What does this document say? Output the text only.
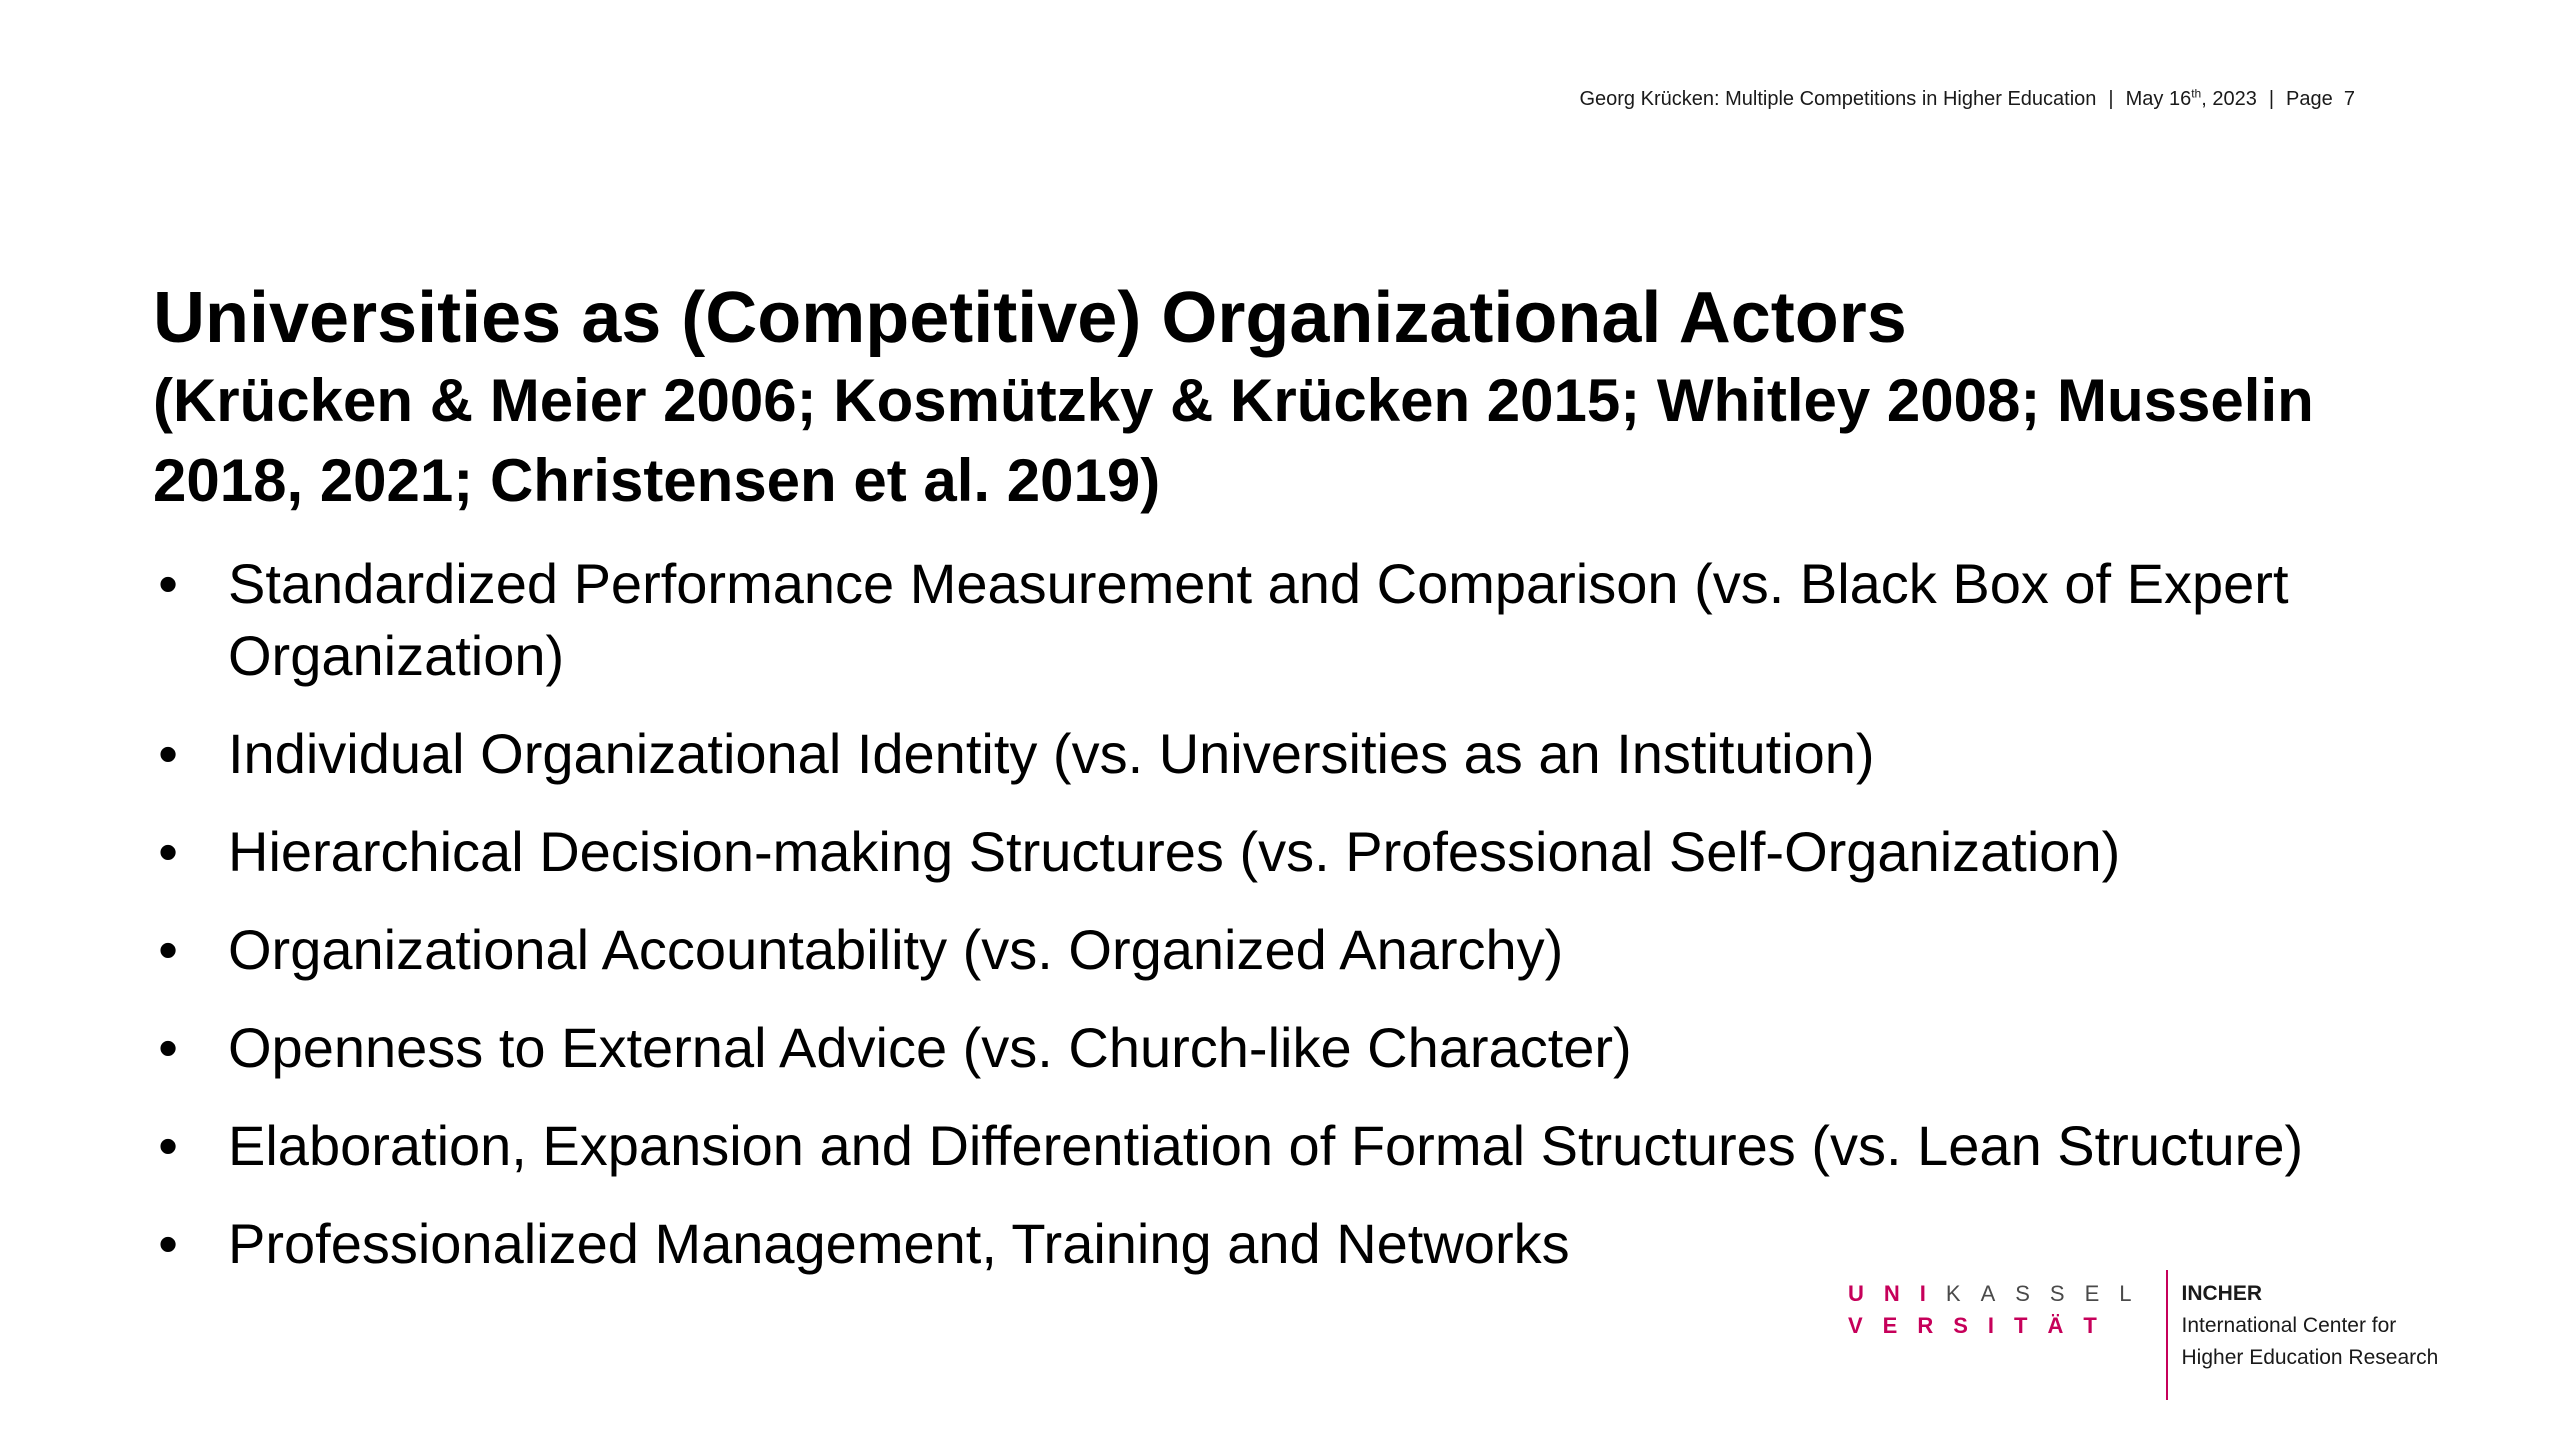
Georg Krücken: Multiple Competitions in Higher Education | May 16th, 2023 | Page
7
Universities as (Competitive) Organizational Actors
(Krücken & Meier 2006; Kosmützky & Krücken 2015; Whitley 2008; Musselin 2018, 2021; Christensen et al. 2019)
• Standardized Performance Measurement and Comparison (vs. Black Box of Expert Organization)
• Individual Organizational Identity (vs. Universities as an Institution)
• Hierarchical Decision-making Structures (vs. Professional Self-Organization)
• Organizational Accountability (vs. Organized Anarchy)
• Openness to External Advice (vs. Church-like Character)
• Elaboration, Expansion and Differentiation of Formal Structures (vs. Lean Structure)
• Professionalized Management, Training and Networks
UNIKASSEL
VERSITÄT
INCHER
International Center for
Higher Education Research
